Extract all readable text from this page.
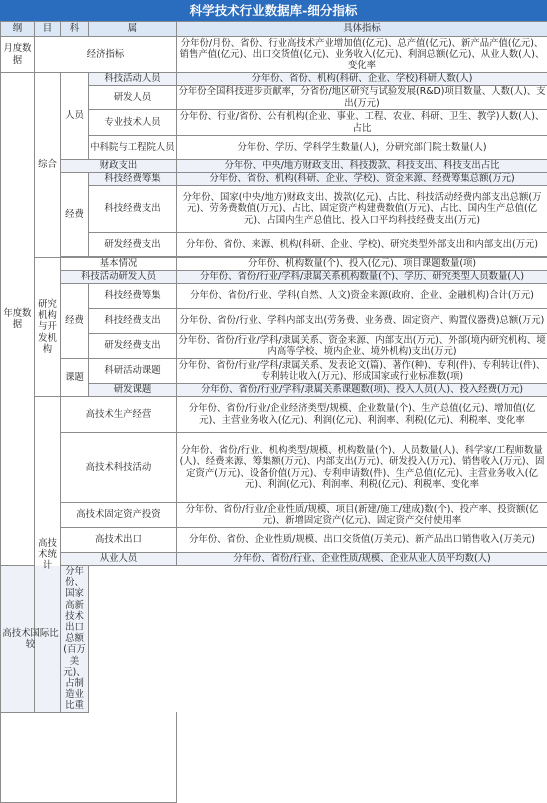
科学技术行业数据库-细分指标
纲	目	科	属	具体指标
月度数据	经济指标			分年份/月份、省份、行业高技术产业增加值(亿元)、总产值(亿元)、新产品产值(亿元)、销售产值(亿元)、出口交货值(亿元)、业务收入(亿元)、利润总额(亿元)、从业人数(人)、变化率
年度数据	综合	人员	科技活动人员	分年份、省份、机构(科研、企业、学校)科研人数(人)
			研发人员	分年份全国科技进步贡献率，分省份/地区研究与试验发展(R&D)项目数量、人数(人)、支出(万元)
			专业技术人员	分年份、行业/省份、公有机构(企业、事业、工程、农业、科研、卫生、教学)人数(人)、占比
			中科院与工程院人员	分年份、学历、学科学生数量(人)，分研究部门院士数量(人)
		财政支出		分年份、中央/地方财政支出、科技拨款、科技支出、科技支出占比
		经费	科技经费筹集	分年份、省份、机构(科研、企业、学校)、资金来源、经费筹集总额(万元)
			科技经费支出	分年份、国家(中央/地方)财政支出、拨款(亿元)、占比、科技活动经费内部支出总额(万元)、劳务费数值(万元)、占比、固定资产构建费数值(万元)、占比、国内生产总值(亿元)、占国内生产总值比、投入口平均科技经费支出(万元)
			研发经费支出	分年份、省份、来源、机构(科研、企业、学校)、研究类型外部支出和内部支出(万元)

	研究机构与开发机构	基本情况		分年份、机构数量(个)、投入(亿元)、项目课题数量(项)
		科技活动研发人员		分年份、省份/行业/学科/隶属关系机构数量(个)、学历、研究类型人员数量(人)
		经费	科技经费筹集	分年份、省份/行业、学科(自然、人文)资金来源(政府、企业、金融机构)合计(万元)
			科技经费支出	分年份、省份/行业、学科内部支出(劳务费、业务费、固定资产、购置仪器费)总额(万元)
			研发经费支出	分年份、省份/行业/学科/隶属关系、资金来源、内部支出(万元)、外部(境内研究机构、境内高等学校、境内企业、境外机构)支出(万元)
		课题	科研活动课题	分年份、省份/行业/学科/隶属关系、发表论文(篇)、著作(种)、专利(件)、专利转让(件)、专利转让收入(万元)、形成国家或行业标准数(项)
			研发课题	分年份、省份/行业/学科/隶属关系课题数(项)、投入人员(人)、投入经费(万元)
	高技术统计	高技术生产经营		分年份、省份/行业/企业经济类型/规模、企业数量(个)、生产总值(亿元)、增加值(亿元)、主营业务收入(亿元)、利润(亿元)、利润率、利税(亿元)、利税率、变化率
		高技术科技活动		分年份、省份/行业、机构类型/规模、机构数量(个)、人员数量(人)、科学家/工程师数量(人)、经费来源、筹集额(万元)、内部支出(万元)、研发投入(万元)、销售收入(万元)、固定资产(万元)、设备价值(万元)、专利申请数(件)、生产总值(亿元)、主营业务收入(亿元)、利润(亿元)、利润率、利税(亿元)、利税率、变化率
		高技术固定资产投资		分年份、省份/行业/企业性质/规模、项目(新建/施工/建成)数(个)、投产率、投资额(亿元)、新增固定资产(亿元)、固定资产交付使用率
		高技术出口		分年份、省份、企业性质/规模、出口交货值(万美元)、新产品出口销售收入(万美元)
		从业人员		分年份、省份/行业、企业性质/规模、企业从业人员平均数(人)
高技术国际比较		分年份、国家高新技术出口总额(百万美元)、占制造业比重		
